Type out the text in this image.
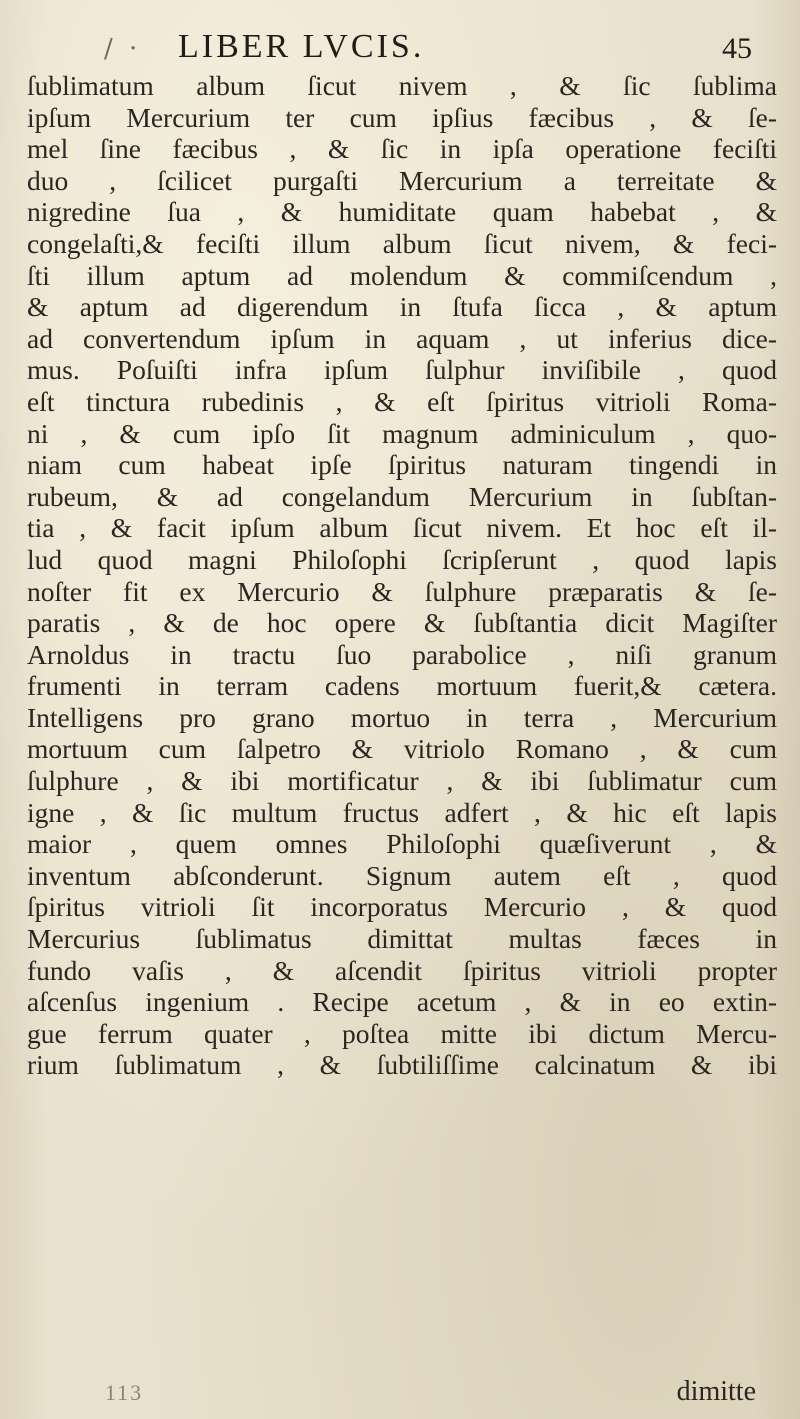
/ · LIBER LVCIS.	45
ſublimatum album ſicut nivem , & ſic ſublima
ipſum Mercurium ter cum ipſius fæcibus , & ſe-
mel ſine fæcibus , & ſic in ipſa operatione feciſti
duo , ſcilicet purgaſti Mercurium a terreitate &
nigredine ſua , & humiditate quam habebat , &
congelaſti,& feciſti illum album ſicut nivem, & feci-
ſti illum aptum ad molendum & commiſcendum ,
& aptum ad digerendum in ſtufa ſicca , & aptum
ad convertendum ipſum in aquam , ut inferius dice-
mus. Poſuiſti infra ipſum ſulphur inviſibile , quod
eſt tinctura rubedinis , & eſt ſpiritus vitrioli Roma-
ni , & cum ipſo ſit magnum adminiculum , quo-
niam cum habeat ipſe ſpiritus naturam tingendi in
rubeum, & ad congelandum Mercurium in ſubſtan-
tia , & facit ipſum album ſicut nivem. Et hoc eſt il-
lud quod magni Philoſophi ſcripſerunt , quod lapis
noſter fit ex Mercurio & ſulphure præparatis & ſe-
paratis , & de hoc opere & ſubſtantia dicit Magiſter
Arnoldus in tractu ſuo parabolice , niſi granum
frumenti in terram cadens mortuum fuerit,& cætera.
Intelligens pro grano mortuo in terra , Mercurium
mortuum cum ſalpetro & vitriolo Romano , & cum
ſulphure , & ibi mortificatur , & ibi ſublimatur cum
igne , & ſic multum fructus adfert , & hic eſt lapis
maior , quem omnes Philoſophi quæſiverunt , &
inventum abſconderunt. Signum autem eſt , quod
ſpiritus vitrioli ſit incorporatus Mercurio , & quod
Mercurius ſublimatus dimittat multas fæces in
fundo vaſis , & aſcendit ſpiritus vitrioli propter
aſcenſus ingenium . Recipe acetum , & in eo extin-
gue ferrum quater , poſtea mitte ibi dictum Mercu-
rium ſublimatum , & ſubtiliſſime calcinatum & ibi
113	dimitte
